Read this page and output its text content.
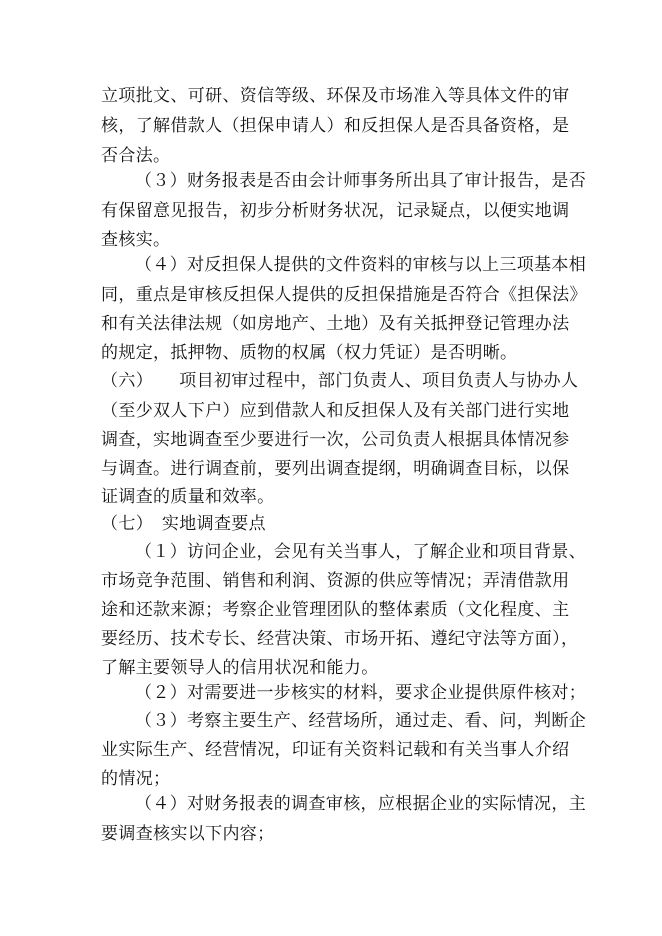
立项批文、可研、资信等级、环保及市场准入等具体文件的审
核，了解借款人（担保申请人）和反担保人是否具备资格，是
否合法。
（３）财务报表是否由会计师事务所出具了审计报告，是否
有保留意见报告，初步分析财务状况，记录疑点，以便实地调
查核实。
（４）对反担保人提供的文件资料的审核与以上三项基本相
同，重点是审核反担保人提供的反担保措施是否符合《担保法》
和有关法律法规（如房地产、土地）及有关抵押登记管理办法
的规定，抵押物、质物的权属（权力凭证）是否明晰。
（六）　　项目初审过程中，部门负责人、项目负责人与协办人
（至少双人下户）应到借款人和反担保人及有关部门进行实地
调查，实地调查至少要进行一次，公司负责人根据具体情况参
与调查。进行调查前，要列出调查提纲，明确调查目标，以保
证调查的质量和效率。
（七）　实地调查要点
（１）访问企业，会见有关当事人，了解企业和项目背景、
市场竞争范围、销售和利润、资源的供应等情况；弄清借款用
途和还款来源；考察企业管理团队的整体素质（文化程度、主
要经历、技术专长、经营决策、市场开拓、遵纪守法等方面），
了解主要领导人的信用状况和能力。
（２）对需要进一步核实的材料，要求企业提供原件核对；
（３）考察主要生产、经营场所，通过走、看、问，判断企
业实际生产、经营情况，印证有关资料记载和有关当事人介绍
的情况；
（４）对财务报表的调查审核，应根据企业的实际情况，主
要调查核实以下内容；
